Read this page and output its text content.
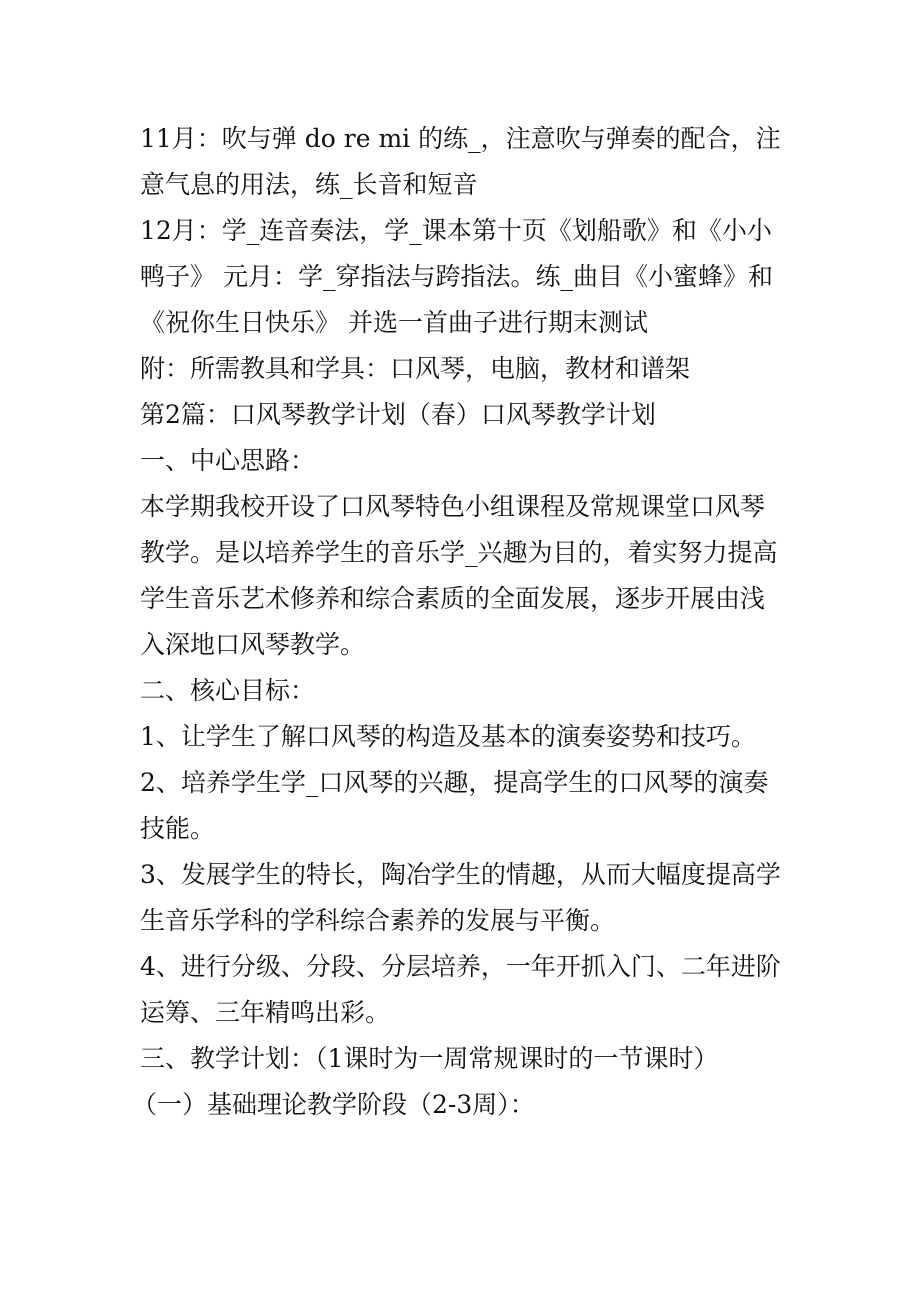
11月：吹与弹 do re mi 的练_，注意吹与弹奏的配合，注意气息的用法，练_长音和短音

12月：学_连音奏法，学_课本第十页《划船歌》和《小小鸭子》 元月：学_穿指法与跨指法。练_曲目《小蜜蜂》和《祝你生日快乐》 并选一首曲子进行期末测试

附：所需教具和学具：口风琴，电脑，教材和谱架

第2篇：口风琴教学计划（春）口风琴教学计划

一、中心思路：

本学期我校开设了口风琴特色小组课程及常规课堂口风琴教学。是以培养学生的音乐学_兴趣为目的，着实努力提高学生音乐艺术修养和综合素质的全面发展，逐步开展由浅入深地口风琴教学。

二、核心目标：

1、让学生了解口风琴的构造及基本的演奏姿势和技巧。

2、培养学生学_口风琴的兴趣，提高学生的口风琴的演奏技能。

3、发展学生的特长，陶冶学生的情趣，从而大幅度提高学生音乐学科的学科综合素养的发展与平衡。

4、进行分级、分段、分层培养，一年开抓入门、二年进阶运筹、三年精鸣出彩。

三、教学计划：（1课时为一周常规课时的一节课时）

（一）基础理论教学阶段（2-3周）：
